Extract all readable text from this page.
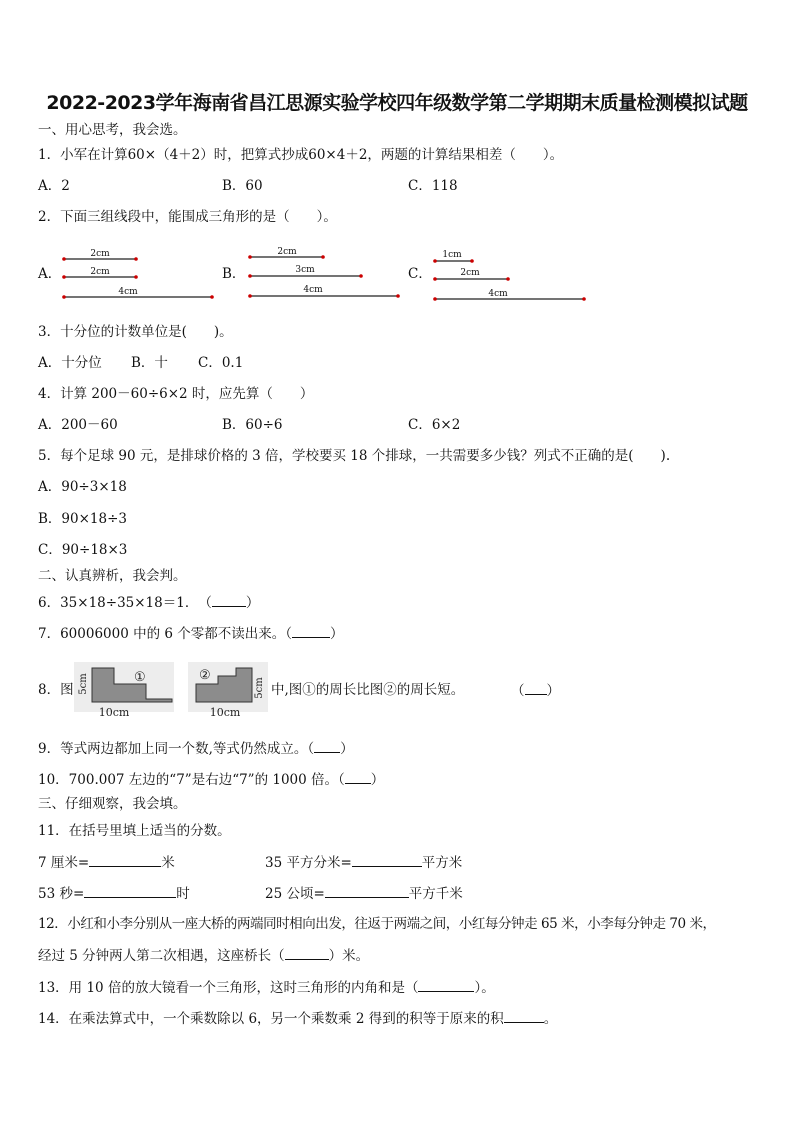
2022-2023学年海南省昌江思源实验学校四年级数学第二学期期末质量检测模拟试题
一、用心思考，我会选。
1．小军在计算60×（4＋2）时，把算式抄成60×4＋2，两题的计算结果相差（　　）。
A．2	B．60	C．118
2．下面三组线段中，能围成三角形的是（　　）。
A．	B．	C．
2cm
2cm
4cm
2cm
3cm
4cm
1cm
2cm
4cm
3．十分位的计数单位是(　　)。
A．十分位 B．十 C．0.1
4．计算 200－60÷6×2 时，应先算（　　）
A．200－60	B．60÷6	C．6×2
5．每个足球 90 元，是排球价格的 3 倍，学校要买 18 个排球，一共需要多少钱？列式不正确的是(　　).
A．90÷3×18
B．90×18÷3
C．90÷18×3
二、认真辨析，我会判。
6．35×18÷35×18＝1．　（	）
7．60006000 中的 6 个零都不读出来。（	）
8．图
①
5cm
10cm
②
5cm
10cm
中,图①的周长比图②的周长短。	（ ）
9．等式两边都加上同一个数,等式仍然成立。（ ）
10．700.007 左边的“7”是右边“7”的 1000 倍。（ ）
三、仔细观察，我会填。
11．在括号里填上适当的分数。
7 厘米=	米	35 平方分米=	平方米
53 秒=	时	25 公顷=	平方千米
12．小红和小李分别从一座大桥的两端同时相向出发，往返于两端之间，小红每分钟走 65 米，小李每分钟走 70 米，
经过 5 分钟两人第二次相遇，这座桥长（	）米。
13．用 10 倍的放大镜看一个三角形，这时三角形的内角和是（	）。
14．在乘法算式中，一个乘数除以 6，另一个乘数乘 2 得到的积等于原来的积	。
